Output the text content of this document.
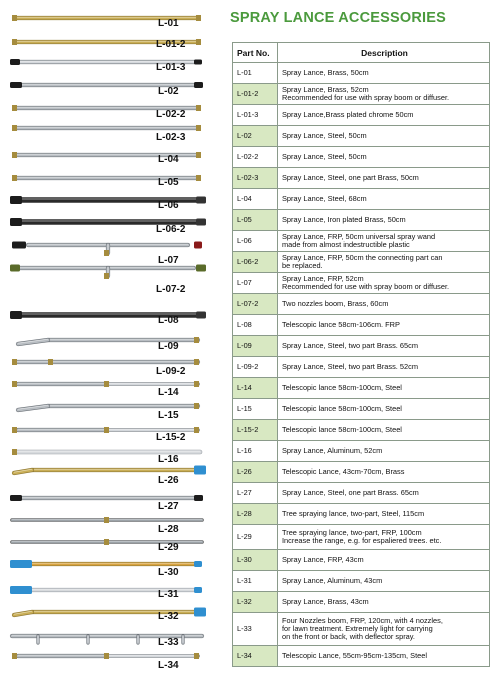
L-01
L-01-2
L-01-3
L-02
L-02-2
L-02-3
L-04
L-05
L-06
L-06-2
L-07
L-07-2
L-08
L-09
L-09-2
L-14
L-15
L-15-2
L-16
L-26
L-27
L-28
L-29
L-30
L-31
L-32
L-33
L-34
SPRAY LANCE ACCESSORIES
Part No.	Description
L-01	Spray Lance, Brass, 50cm
L-01-2	Spray Lance, Brass, 52cm
Recommended for use with spray boom or diffuser.
L-01-3	Spray Lance,Brass plated chrome 50cm
L-02	Spray Lance, Steel, 50cm
L-02-2	Spray Lance, Steel, 50cm
L-02-3	Spray Lance, Steel, one part Brass, 50cm
L-04	Spray Lance, Steel, 68cm
L-05	Spray Lance, Iron plated Brass, 50cm
L-06	Spray Lance, FRP, 50cm universal spray wand
made from almost indestructible plastic
L-06-2	Spray Lance, FRP, 50cm the connecting part can
be replaced.
L-07	Spray Lance, FRP, 52cm
Recommended for use with spray boom or diffuser.
L-07-2	Two nozzles boom, Brass, 60cm
L-08	Telescopic lance 58cm-106cm. FRP
L-09	Spray Lance, Steel, two part Brass. 65cm
L-09-2	Spray Lance, Steel, two part Brass. 52cm
L-14	Telescopic lance 58cm-100cm, Steel
L-15	Telescopic lance 58cm-100cm, Steel
L-15-2	Telescopic lance 58cm-100cm, Steel
L-16	Spray Lance, Aluminum, 52cm
L-26	Telescopic Lance, 43cm-70cm, Brass
L-27	Spray Lance, Steel, one part Brass. 65cm
L-28	Tree spraying lance, two-part, Steel, 115cm
L-29	Tree spraying lance, two-part, FRP, 100cm
Increase the range, e.g. for espaliered trees. etc.
L-30	Spray Lance, FRP, 43cm
L-31	Spray Lance, Aluminum, 43cm
L-32	Spray Lance, Brass, 43cm
L-33	Four Nozzles boom, FRP, 120cm, with 4 nozzles,
for lawn treatment. Extremely light for carrying
on the front or back, with deflector spray.
L-34	Telescopic Lance, 55cm-95cm-135cm, Steel
